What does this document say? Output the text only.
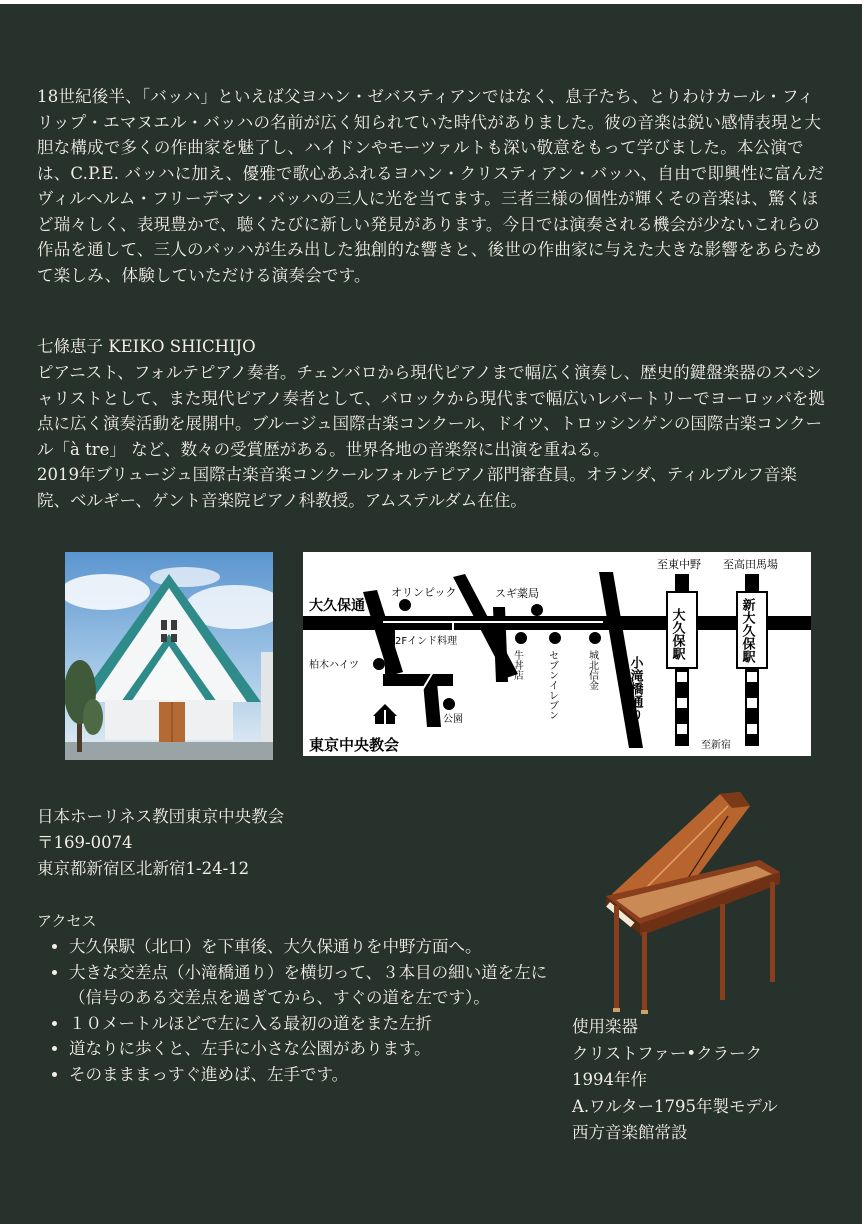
18世紀後半、「バッハ」といえば父ヨハン・ゼバスティアンではなく、息子たち、とりわけカール・フィリップ・エマヌエル・バッハの名前が広く知られていた時代がありました。彼の音楽は鋭い感情表現と大胆な構成で多くの作曲家を魅了し、ハイドンやモーツァルトも深い敬意をもって学びました。本公演では、C.P.E. バッハに加え、優雅で歌心あふれるヨハン・クリスティアン・バッハ、自由で即興性に富んだヴィルヘルム・フリーデマン・バッハの三人に光を当てます。三者三様の個性が輝くその音楽は、驚くほど瑞々しく、表現豊かで、聴くたびに新しい発見があります。今日では演奏される機会が少ないこれらの作品を通して、三人のバッハが生み出した独創的な響きと、後世の作曲家に与えた大きな影響をあらためて楽しみ、体験していただける演奏会です。

七條恵子 KEIKO SHICHIJO

ピアニスト、フォルテピアノ奏者。チェンバロから現代ピアノまで幅広く演奏し、歴史的鍵盤楽器のスペシャリストとして、また現代ピアノ奏者として、バロックから現代まで幅広いレパートリーでヨーロッパを拠点に広く演奏活動を展開中。ブルージュ国際古楽コンクール、ドイツ、トロッシンゲンの国際古楽コンクール「à tre」 など、数々の受賞歴がある。世界各地の音楽祭に出演を重ねる。

2019年ブリュージュ国際古楽音楽コンクールフォルテピアノ部門審査員。オランダ、ティルブルフ音楽院、ベルギー、ゲント音楽院ピアノ科教授。アムステルダム在住。

至東中野 至高田馬場
大久保通り
オリンピック	スギ薬局
大久保駅	新大久保駅
2Fインド料理
柏木ハイツ	牛丼店 セブンイレブン	城北信金 小滝橋通り
公園
東京中央教会	至新宿
日本ホーリネス教団東京中央教会
〒169-0074
東京都新宿区北新宿1-24-12

アクセス

• 大久保駅（北口）を下車後、大久保通りを中野方面へ。
• 大きな交差点（小滝橋通り）を横切って、３本目の細い道を左に（信号のある交差点を過ぎてから、すぐの道を左です）。
• １０メートルほどで左に入る最初の道をまた左折
• 道なりに歩くと、左手に小さな公園があります。
• そのまままっすぐ進めば、左手です。
使用楽器
クリストファー•クラーク
1994年作
A.ワルター1795年製モデル
西方音楽館常設
